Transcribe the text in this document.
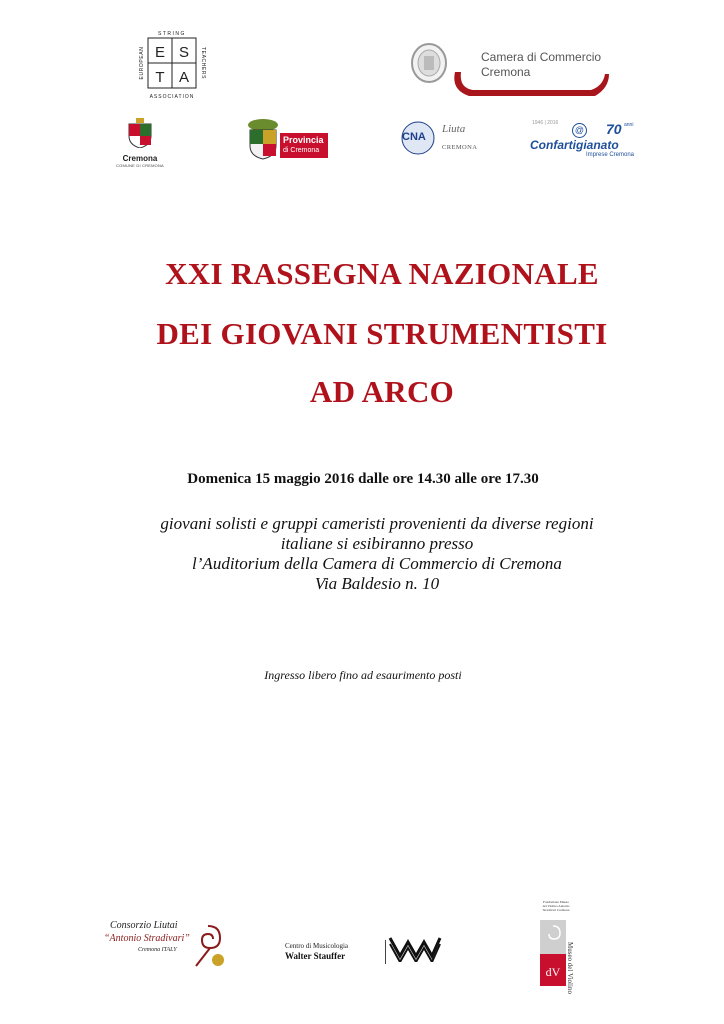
E S
T A
STRING
ASSOCIATION
EUROPEAN	TEACHERS	Camera di Commercio
Cremona
Cremona
COMUNE DI CREMONA
Provincia
di Cremona
CNA
Liuta
CREMONA
1946 | 2016
@ 70 anni
Confartigianato
Imprese Cremona
XXI RASSEGNA NAZIONALE
DEI GIOVANI STRUMENTISTI
AD ARCO
Domenica 15 maggio 2016 dalle ore 14.30 alle ore 17.30
giovani solisti e gruppi cameristi provenienti da diverse regioni
italiane si esibiranno presso
l’Auditorium della Camera di Commercio di Cremona
Via Baldesio n. 10
Ingresso libero fino ad esaurimento posti
Consorzio Liutai
“Antonio Stradivari”
Cremona ITALY	Centro di Musicologia
Walter Stauffer
Fondazione Museo del Violino Antonio Stradivari Cremona
dV Museo del Violino
